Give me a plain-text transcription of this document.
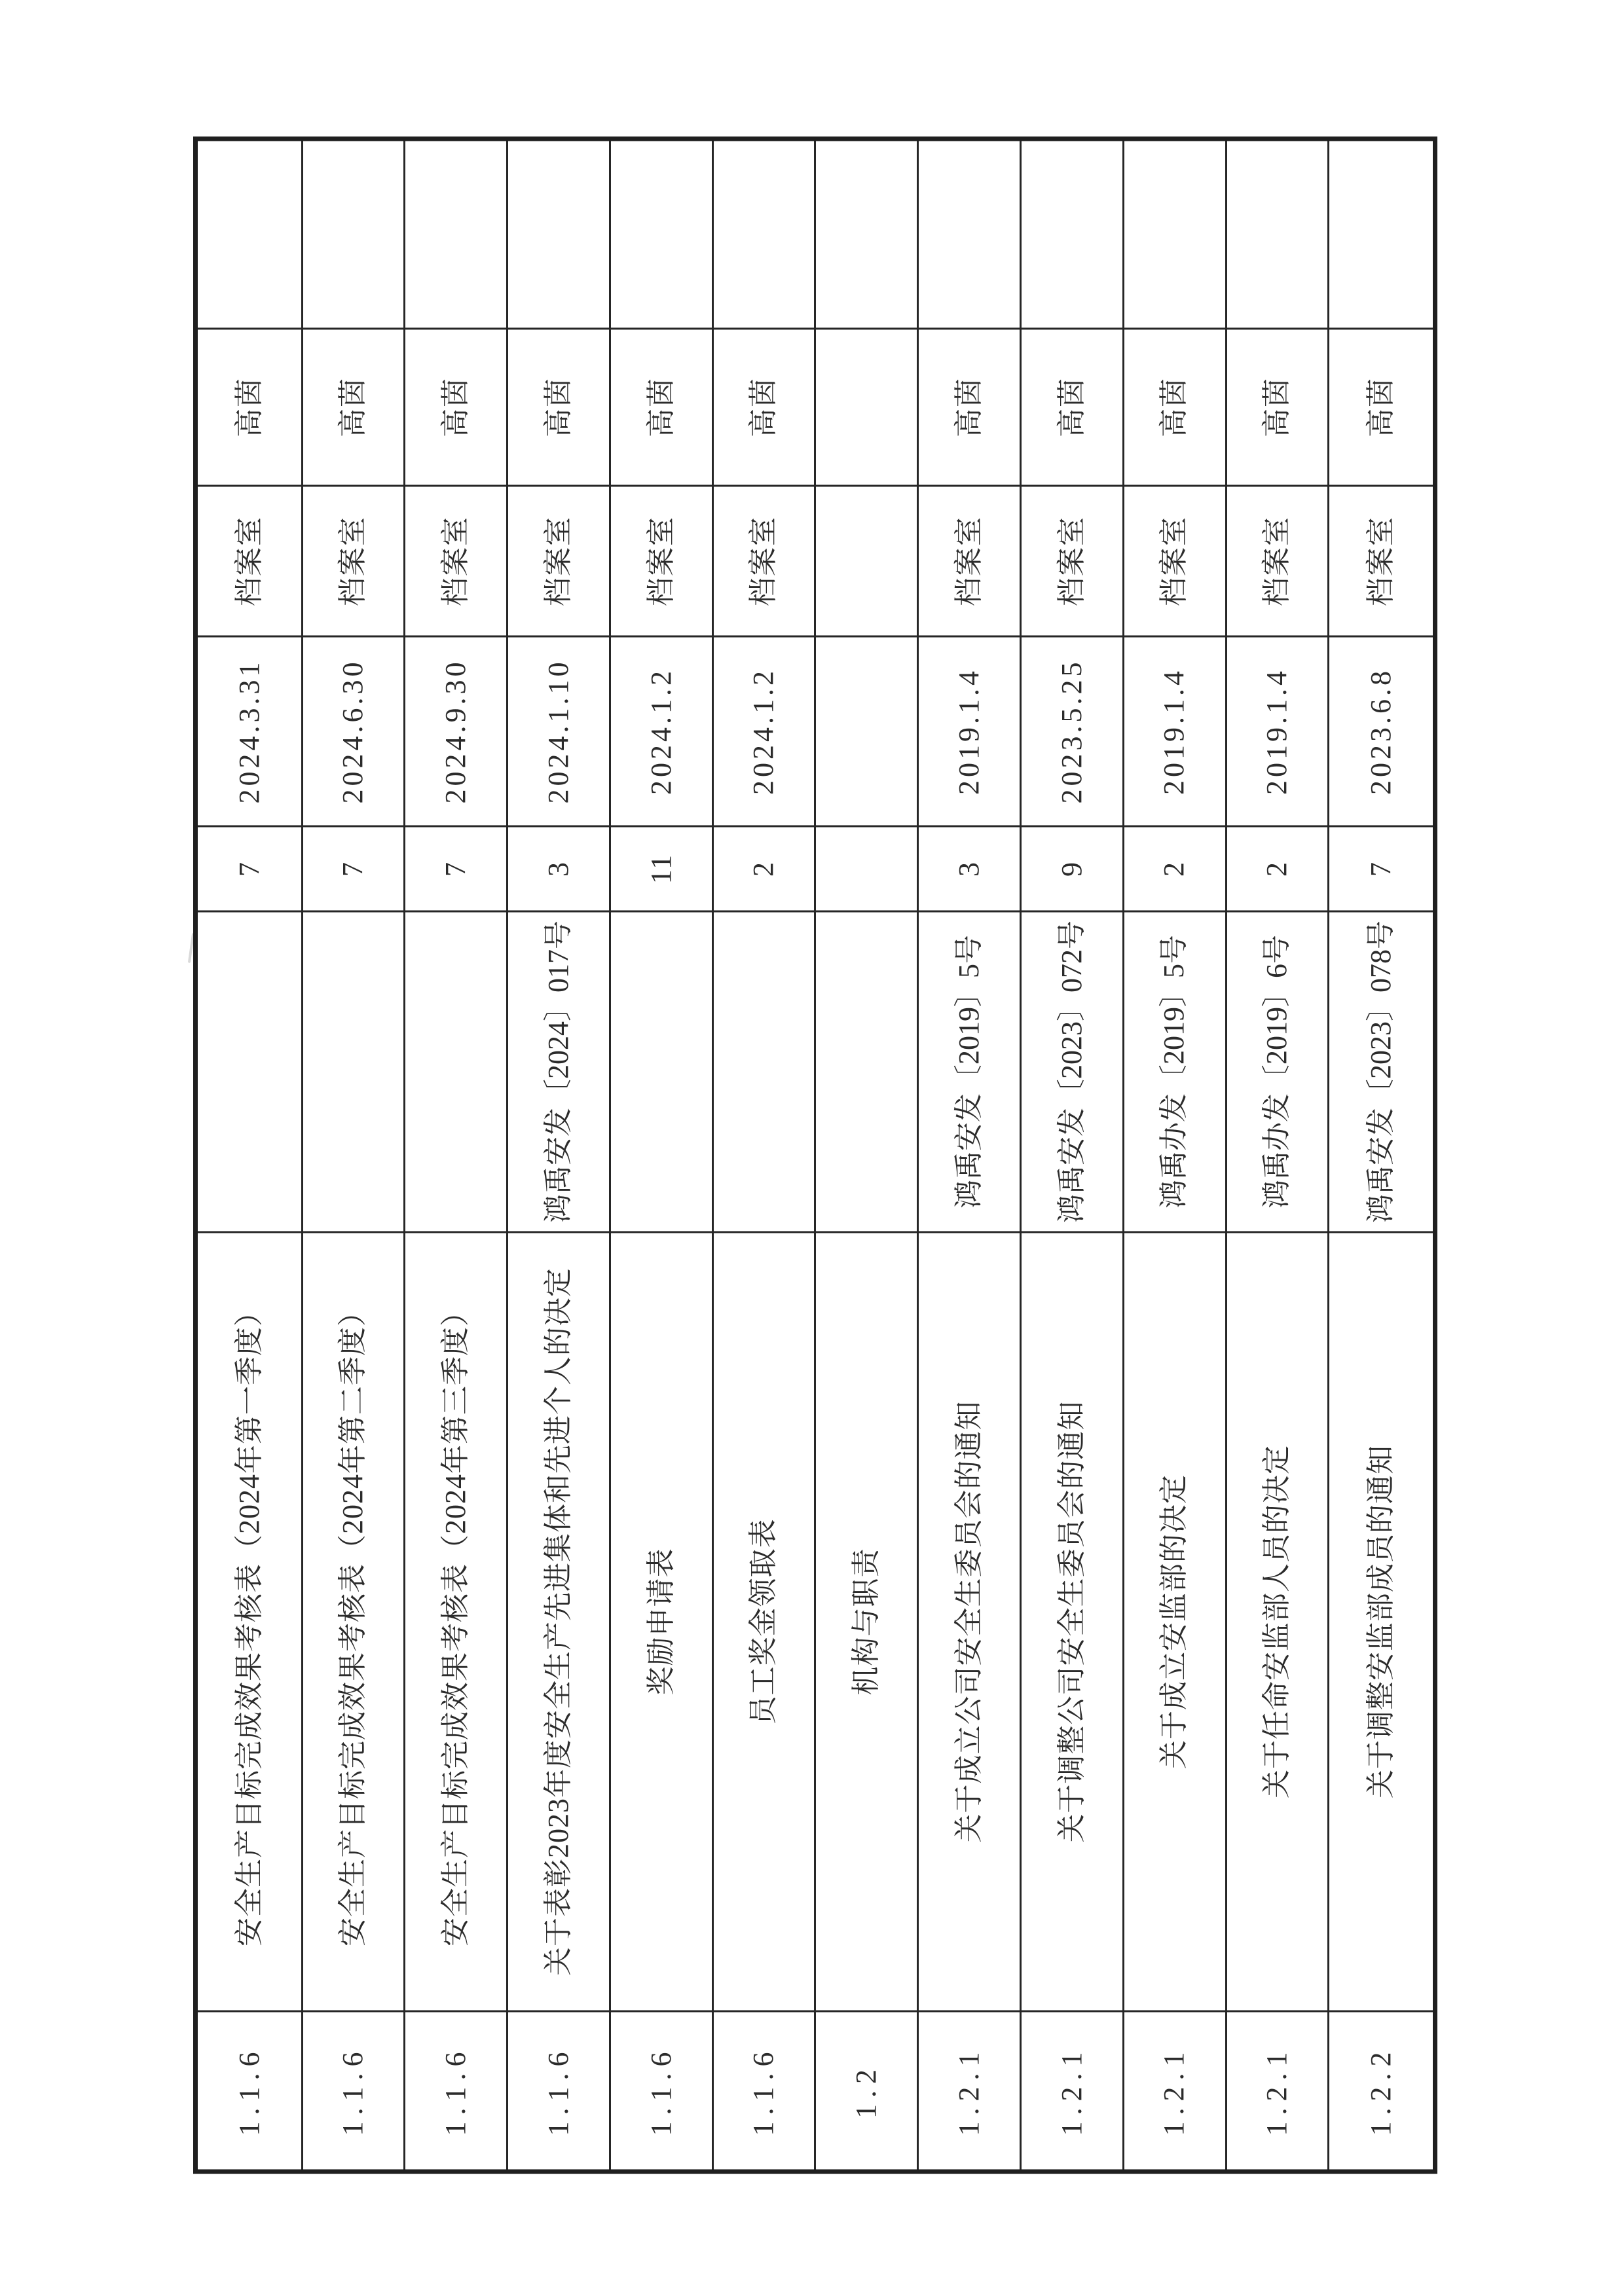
1.1.6	安全生产目标完成效果考核表（2024年第一季度）		7	2024.3.31	档案室	高茵	
1.1.6	安全生产目标完成效果考核表（2024年第二季度）		7	2024.6.30	档案室	高茵	
1.1.6	安全生产目标完成效果考核表（2024年第三季度）		7	2024.9.30	档案室	高茵	
1.1.6	关于表彰2023年度安全生产先进集体和先进个人的决定	鸿禹安发〔2024〕017号	3	2024.1.10	档案室	高茵	
1.1.6	奖励申请表		11	2024.1.2	档案室	高茵	
1.1.6	员工奖金领取表		2	2024.1.2	档案室	高茵	
1.2	机构与职责						
1.2.1	关于成立公司安全生委员会的通知	鸿禹安发〔2019〕5号	3	2019.1.4	档案室	高茵	
1.2.1	关于调整公司安全生委员会的通知	鸿禹安发〔2023〕072号	9	2023.5.25	档案室	高茵	
1.2.1	关于成立安监部的决定	鸿禹办发〔2019〕5号	2	2019.1.4	档案室	高茵	
1.2.1	关于任命安监部人员的决定	鸿禹办发〔2019〕6号	2	2019.1.4	档案室	高茵	
1.2.2	关于调整安监部成员的通知	鸿禹安发〔2023〕078号	7	2023.6.8	档案室	高茵	
